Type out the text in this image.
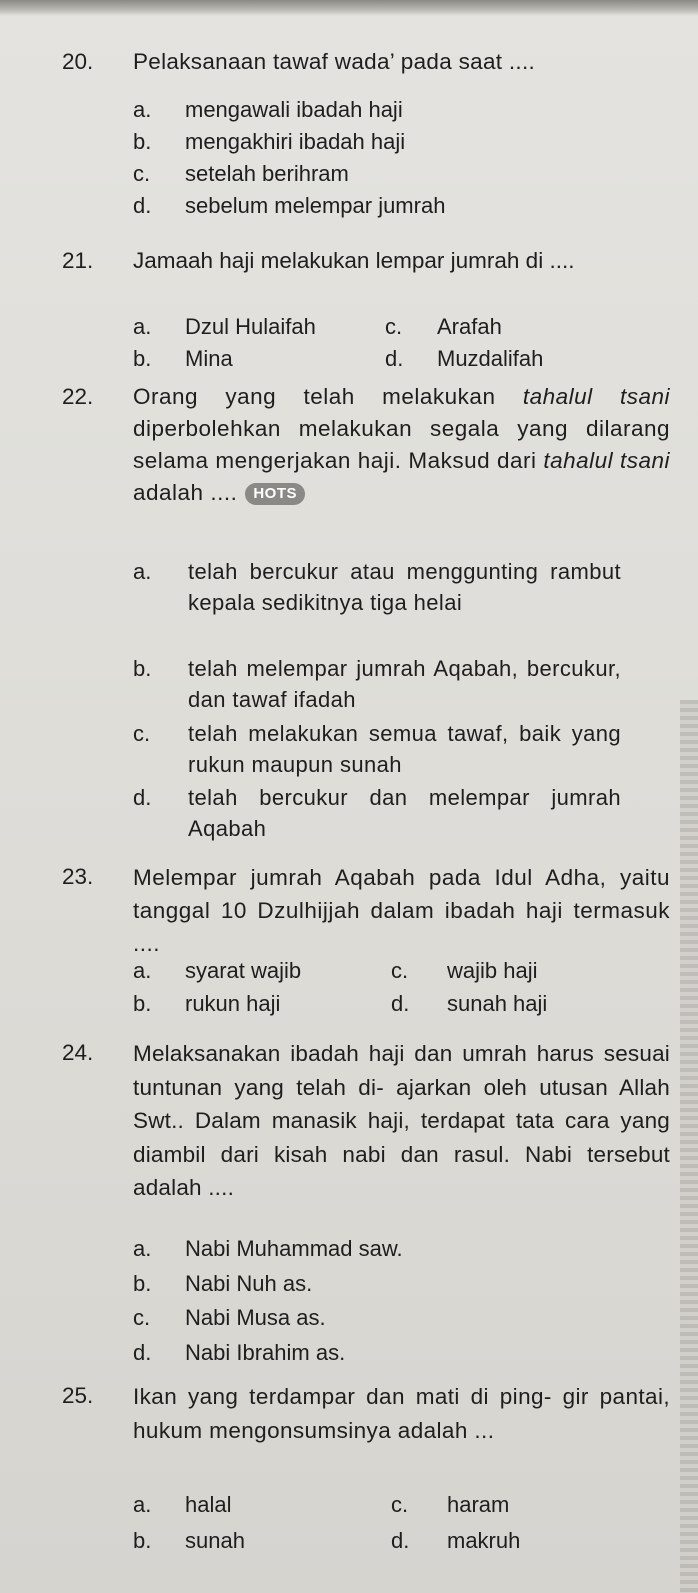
20. Pelaksanaan tawaf wada’ pada saat ....
a. mengawali ibadah haji
b. mengakhiri ibadah haji
c. setelah berihram
d. sebelum melempar jumrah
21. Jamaah haji melakukan lempar jumrah di ....
a. Dzul Hulaifah
b. Mina
c. Arafah
d. Muzdalifah
22. Orang yang telah melakukan tahalul tsani diperbolehkan melakukan segala yang dilarang selama mengerjakan haji. Maksud dari tahalul tsani adalah .... HOTS
a.	telah bercukur atau menggunting rambut kepala sedikitnya tiga helai
b.	telah melempar jumrah Aqabah, bercukur, dan tawaf ifadah
c.	telah melakukan semua tawaf, baik yang rukun maupun sunah
d.	telah bercukur dan melempar jumrah Aqabah
23. Melempar jumrah Aqabah pada Idul Adha, yaitu tanggal 10 Dzulhijjah dalam ibadah haji termasuk ....
a. syarat wajib
b. rukun haji
c. wajib haji
d. sunah haji
24. Melaksanakan ibadah haji dan umrah harus sesuai tuntunan yang telah di- ajarkan oleh utusan Allah Swt.. Dalam manasik haji, terdapat tata cara yang diambil dari kisah nabi dan rasul. Nabi tersebut adalah ....
a. Nabi Muhammad saw.
b. Nabi Nuh as.
c. Nabi Musa as.
d. Nabi Ibrahim as.
25. Ikan yang terdampar dan mati di ping- gir pantai, hukum mengonsumsinya adalah ...
a. halal
b. sunah
c. haram
d. makruh
